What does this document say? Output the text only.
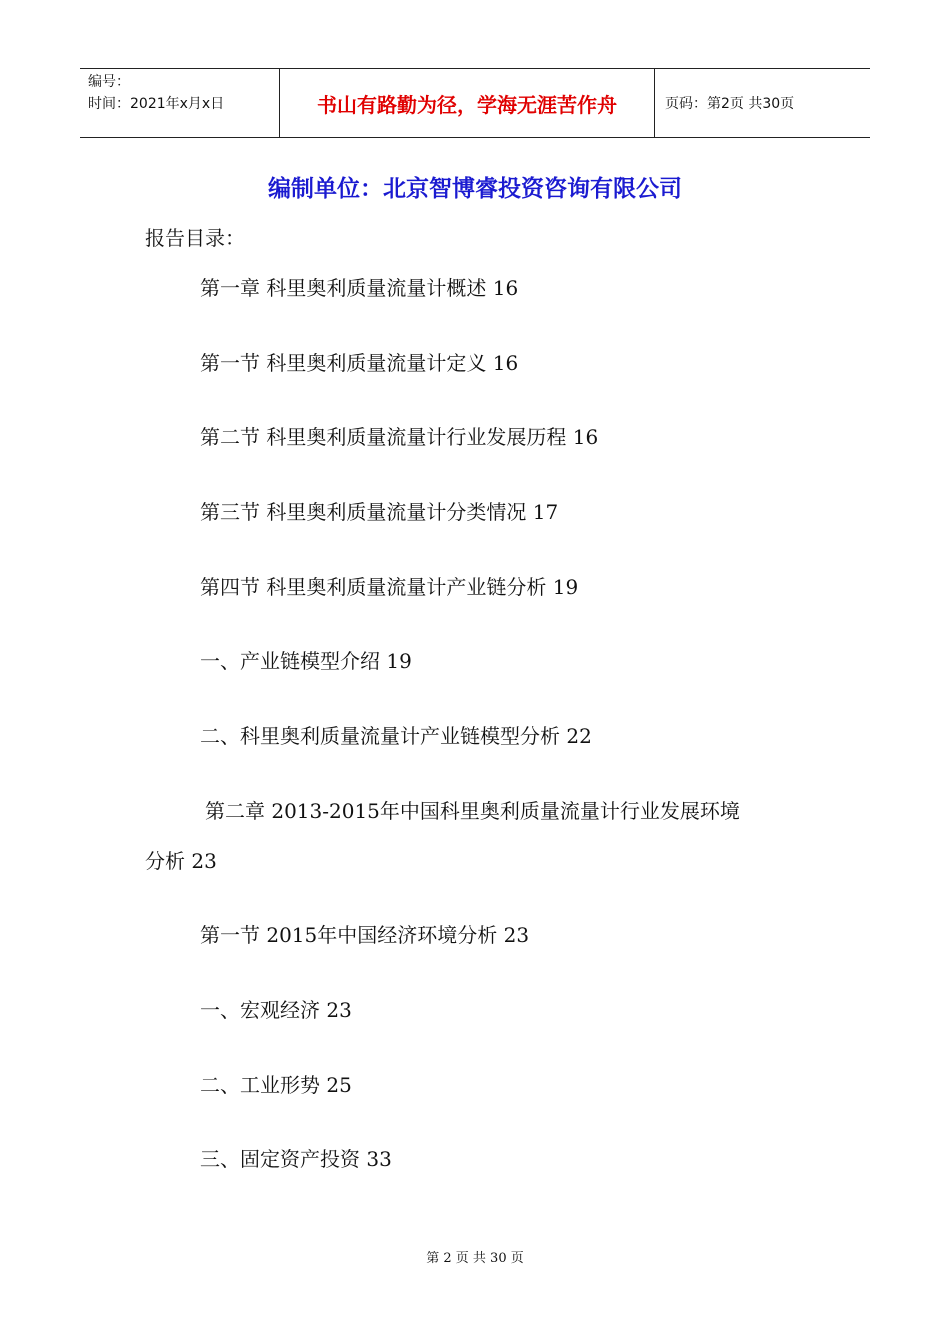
编号：
时间：2021年x月x日	书山有路勤为径，学海无涯苦作舟	页码：第2页 共30页
编制单位：北京智博睿投资咨询有限公司
报告目录：
第一章 科里奥利质量流量计概述 16
第一节 科里奥利质量流量计定义 16
第二节 科里奥利质量流量计行业发展历程 16
第三节 科里奥利质量流量计分类情况 17
第四节 科里奥利质量流量计产业链分析 19
一、产业链模型介绍 19
二、科里奥利质量流量计产业链模型分析 22
第二章 2013-2015年中国科里奥利质量流量计行业发展环境
分析 23
第一节 2015年中国经济环境分析 23
一、宏观经济 23
二、工业形势 25
三、固定资产投资 33
第 2 页 共 30 页
